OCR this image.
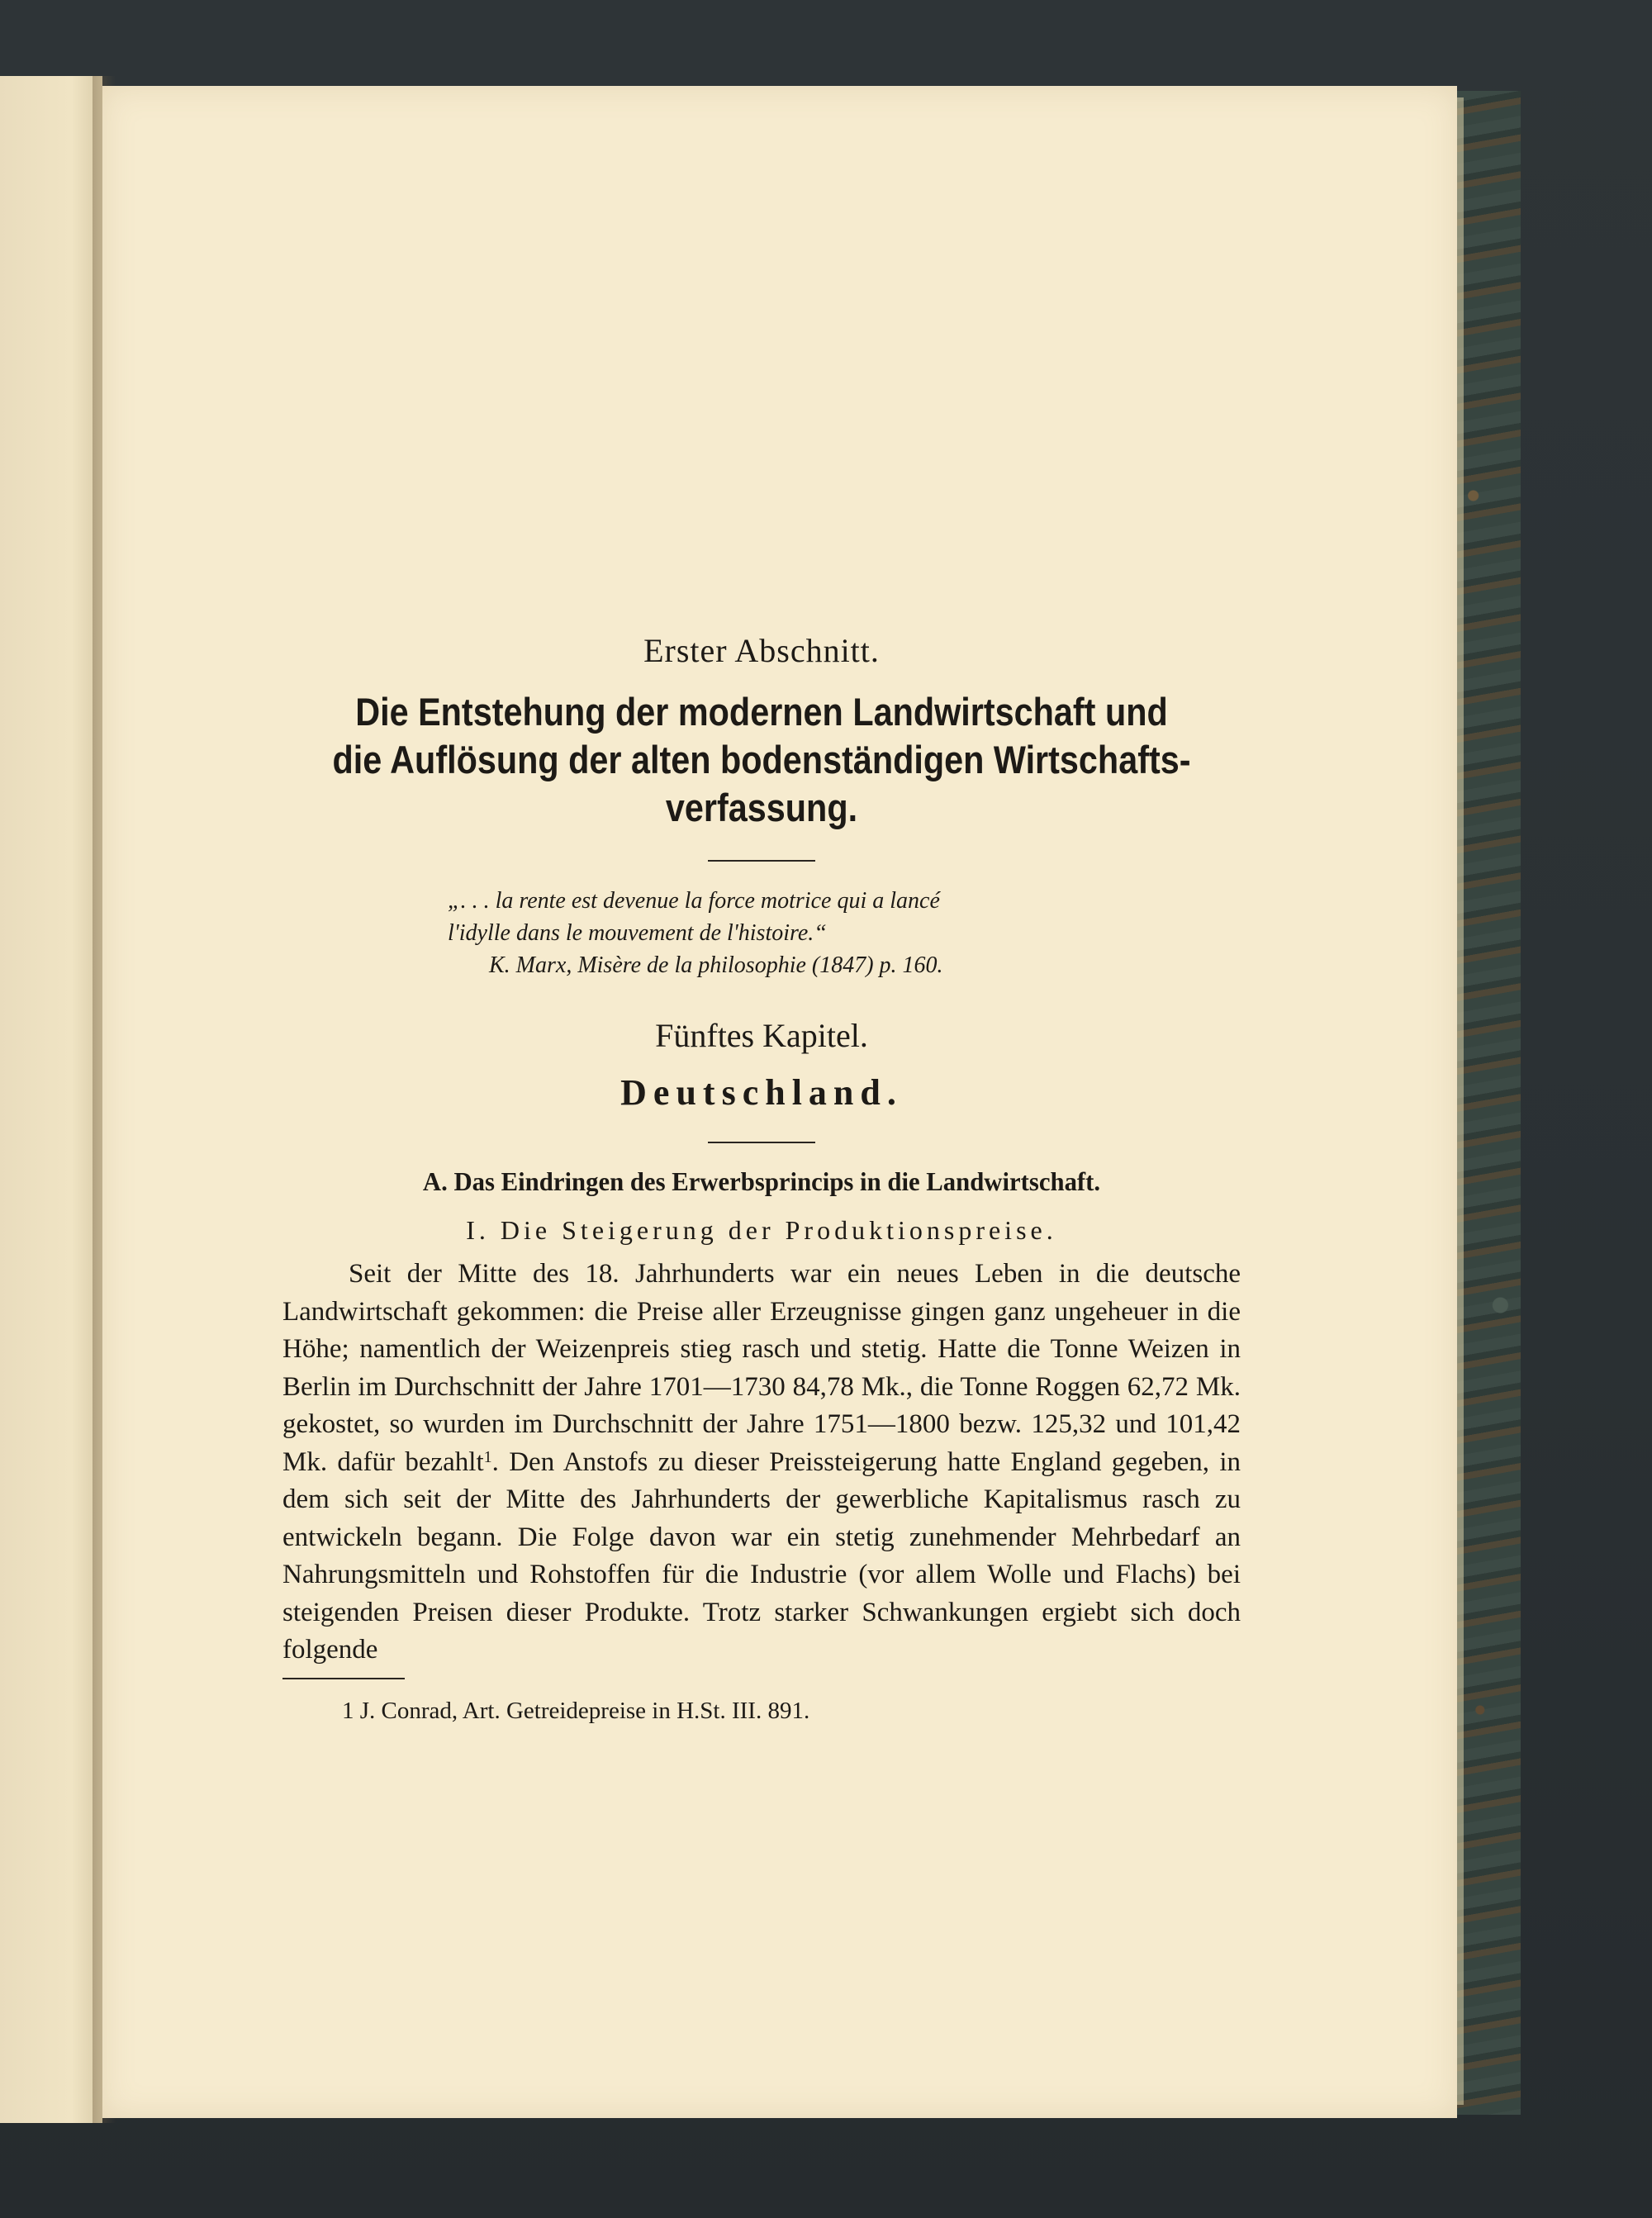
Erster Abschnitt.

Die Entstehung der modernen Landwirtschaft und
die Auflösung der alten bodenständigen Wirtschafts-
verfassung.
„. . . la rente est devenue la force motrice qui a lancé
l'idylle dans le mouvement de l'histoire.“

K. Marx, Misère de la philosophie (1847) p. 160.

Fünftes Kapitel.

Deutschland.

A. Das Eindringen des Erwerbsprincips in die Landwirtschaft.

I. Die Steigerung der Produktionspreise.

Seit der Mitte des 18. Jahrhunderts war ein neues Leben in die deutsche Landwirtschaft gekommen: die Preise aller Erzeugnisse gingen ganz ungeheuer in die Höhe; namentlich der Weizenpreis stieg rasch und stetig. Hatte die Tonne Weizen in Berlin im Durchschnitt der Jahre 1701—1730 84,78 Mk., die Tonne Roggen 62,72 Mk. gekostet, so wurden im Durchschnitt der Jahre 1751—1800 bezw. 125,32 und 101,42 Mk. dafür bezahlt$^1$. Den Anstofs zu dieser Preissteigerung hatte England gegeben, in dem sich seit der Mitte des Jahrhunderts der gewerbliche Kapitalismus rasch zu entwickeln begann. Die Folge davon war ein stetig zunehmender Mehrbedarf an Nahrungsmitteln und Rohstoffen für die Industrie (vor allem Wolle und Flachs) bei steigenden Preisen dieser Produkte. Trotz starker Schwankungen ergiebt sich doch folgende

1 J. Conrad, Art. Getreidepreise in H.St. III. 891.
